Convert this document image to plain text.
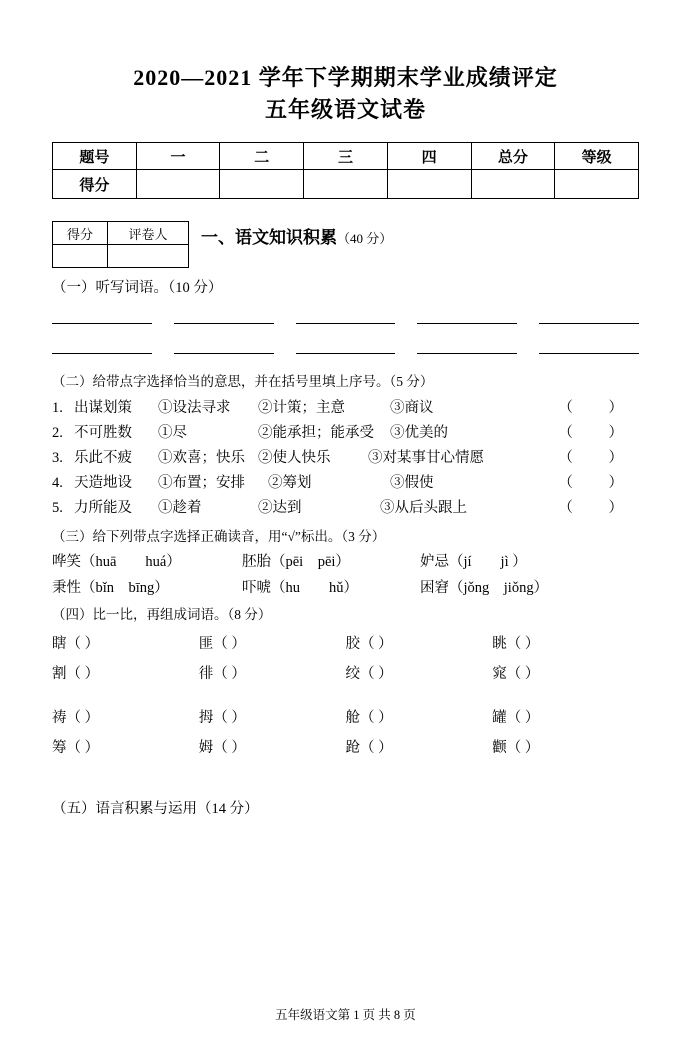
2020—2021 学年下学期期末学业成绩评定
五年级语文试卷
题号	一	二	三	四	总分	等级
得分						
得分	评卷人
	一、语文知识积累（40 分）
（一）听写词语。（10 分）
（二）给带点字选择恰当的意思，并在括号里填上序号。（5 分）
1. 出谋划策	①设法寻求	②计策；主意	③商议	（ ）
2. 不可胜数	①尽	②能承担；能承受	③优美的	（ ）
3. 乐此不疲	①欢喜；快乐 ②使人快乐	③对某事甘心情愿	（ ）
4. 天造地设	①布置；安排	②筹划	③假使	（ ）
5. 力所能及	①趁着	②达到	③从后头跟上	（ ）
（三）给下列带点字选择正确读音，用“√”标出。（3 分）
哗笑（huā　　huá）	胚胎（pēi　pēi）	妒忌（jí　　jì ）
秉性（bǐn　bīng）	吓唬（hu　　hǔ）	困窘（jǒng　jiǒng）
（四）比一比，再组成词语。（8 分）
瞎（ ）	匪（ ）	胶（ ）	眺（ ）
割（ ）	徘（ ）	绞（ ）	窕（ ）
祷（ ）	拇（ ）	舱（ ）	罐（ ）
筹（ ）	姆（ ）	跄（ ）	颧（ ）
（五）语言积累与运用（14 分）
五年级语文第 1 页 共 8 页
